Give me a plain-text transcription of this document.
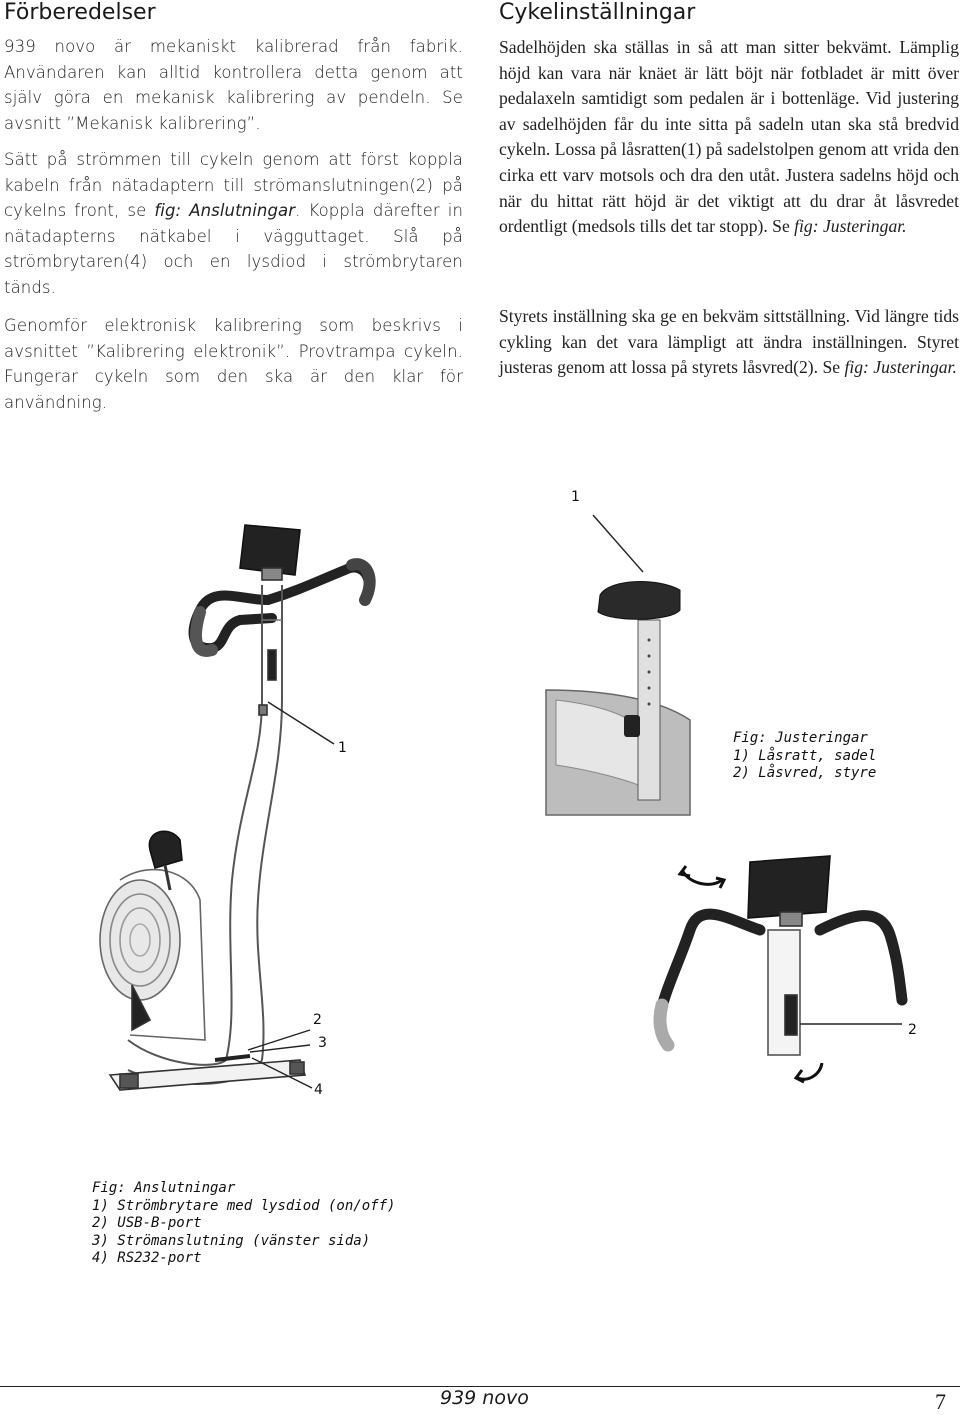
Förberedelser

939 novo är mekaniskt kalibrerad från fabrik. Användaren kan alltid kontrollera detta genom att själv göra en mekanisk kalibrering av pendeln. Se avsnitt ”Mekanisk kalibrering”.

Sätt på strömmen till cykeln genom att först koppla kabeln från nätadaptern till strömanslutningen(2) på cykelns front, se fig: Anslutningar. Koppla därefter in nätadapterns nätkabel i vägguttaget. Slå på strömbrytaren(4) och en lysdiod i strömbrytaren tänds.

Genomför elektronisk kalibrering som beskrivs i avsnittet ”Kalibrering elektronik”. Provtrampa cykeln. Fungerar cykeln som den ska är den klar för användning.

Cykelinställningar

Sadelhöjden ska ställas in så att man sitter bekvämt. Lämplig höjd kan vara när knäet är lätt böjt när fotbladet är mitt över pedalaxeln samtidigt som pedalen är i bottenläge. Vid justering av sadelhöjden får du inte sitta på sadeln utan ska stå bredvid cykeln. Lossa på låsratten(1) på sadelstolpen genom att vrida den cirka ett varv motsols och dra den utåt. Justera sadelns höjd och när du hittat rätt höjd är det viktigt att du drar åt låsvredet ordentligt (medsols tills det tar stopp). Se fig: Justeringar.

Styrets inställning ska ge en bekväm sittställning. Vid längre tids cykling kan det vara lämpligt att ändra inställningen. Styret justeras genom att lossa på styrets låsvred(2). Se fig: Justeringar.

1
1
2
3
4
2
Fig: Justeringar
1) Låsratt, sadel
2) Låsvred, styre
Fig: Anslutningar
1) Strömbrytare med lysdiod (on/off)
2) USB-B-port
3) Strömanslutning (vänster sida)
4) RS232-port
939 novo	7
